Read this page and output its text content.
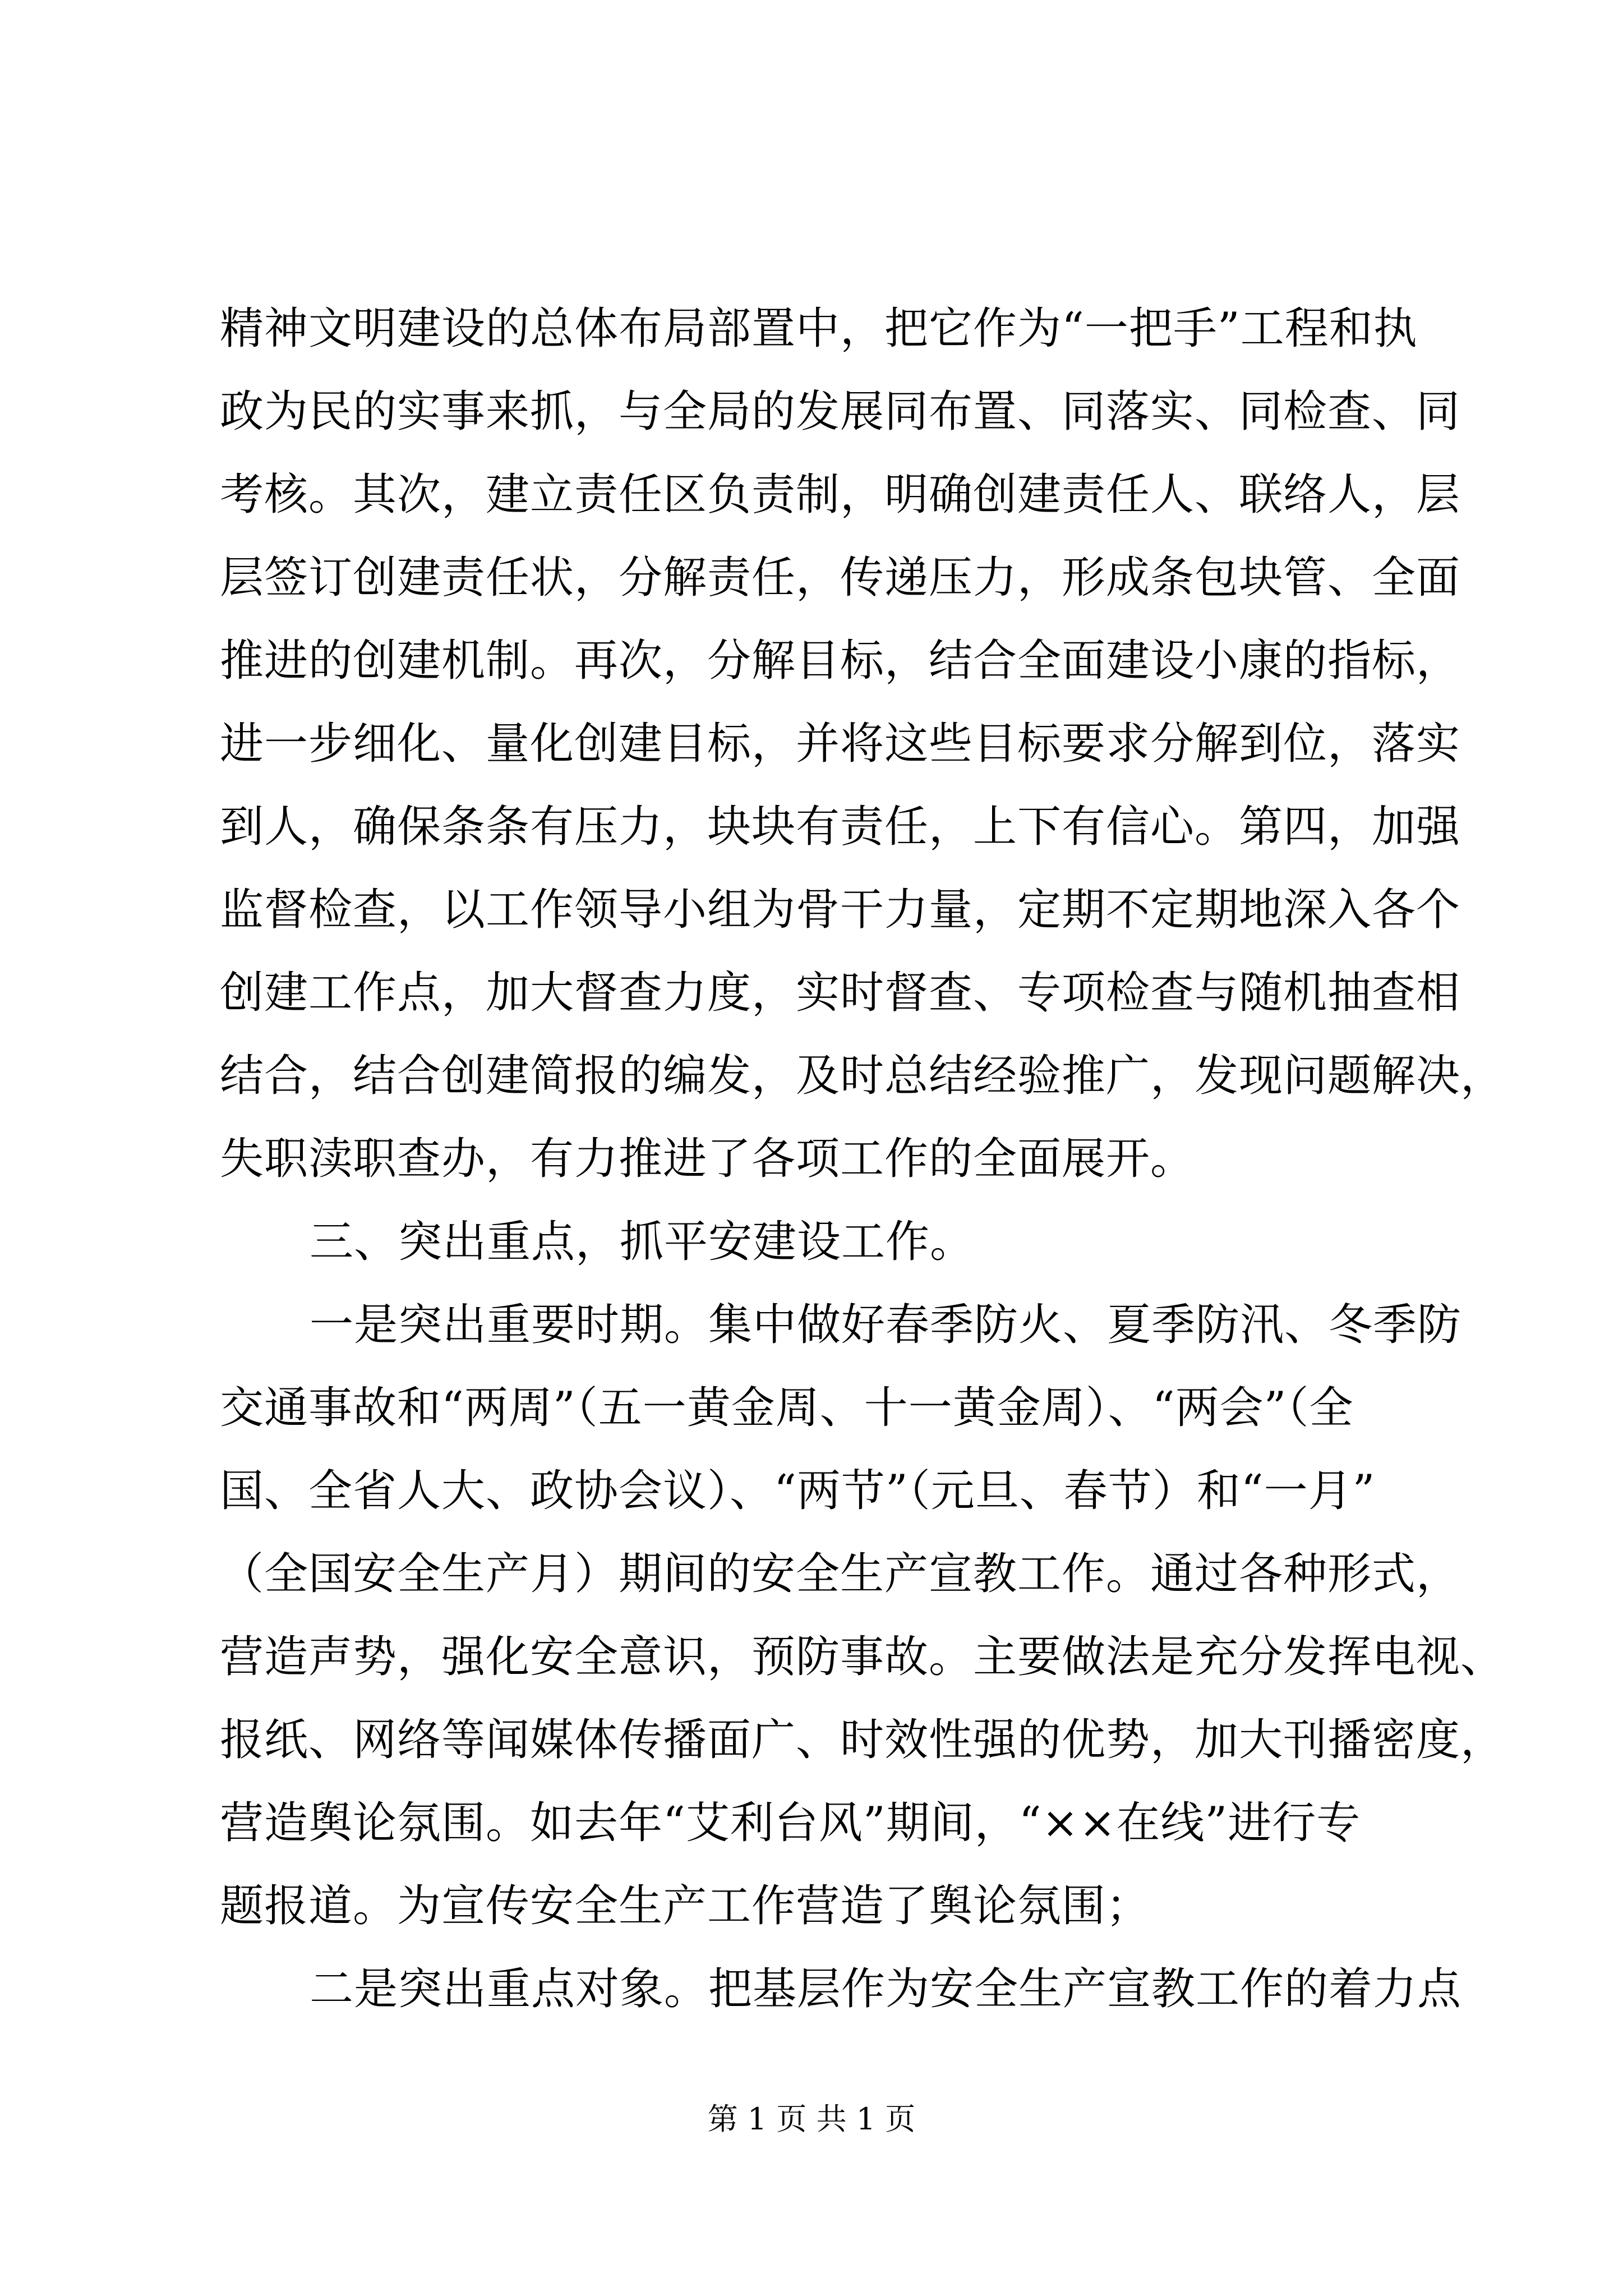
精神文明建设的总体布局部置中，把它作为“一把手”工程和执
政为民的实事来抓，与全局的发展同布置、同落实、同检查、同
考核。其次，建立责任区负责制，明确创建责任人、联络人，层
层签订创建责任状，分解责任，传递压力，形成条包块管、全面
推进的创建机制。再次，分解目标，结合全面建设小康的指标，
进一步细化、量化创建目标，并将这些目标要求分解到位，落实
到人，确保条条有压力，块块有责任，上下有信心。第四，加强
监督检查，以工作领导小组为骨干力量，定期不定期地深入各个
创建工作点，加大督查力度，实时督查、专项检查与随机抽查相
结合，结合创建简报的编发，及时总结经验推广，发现问题解决，
失职渎职查办，有力推进了各项工作的全面展开。
三、突出重点，抓平安建设工作。
一是突出重要时期。集中做好春季防火、夏季防汛、冬季防
交通事故和“两周”（五一黄金周、十一黄金周）、“两会”（全
国、全省人大、政协会议）、“两节”（元旦、春节）和“一月”
（全国安全生产月）期间的安全生产宣教工作。通过各种形式，
营造声势，强化安全意识，预防事故。主要做法是充分发挥电视、
报纸、网络等闻媒体传播面广、时效性强的优势，加大刊播密度，
营造舆论氛围。如去年“艾利台风”期间，“××在线”进行专
题报道。为宣传安全生产工作营造了舆论氛围；
二是突出重点对象。把基层作为安全生产宣教工作的着力点
第 1 页 共 1 页
